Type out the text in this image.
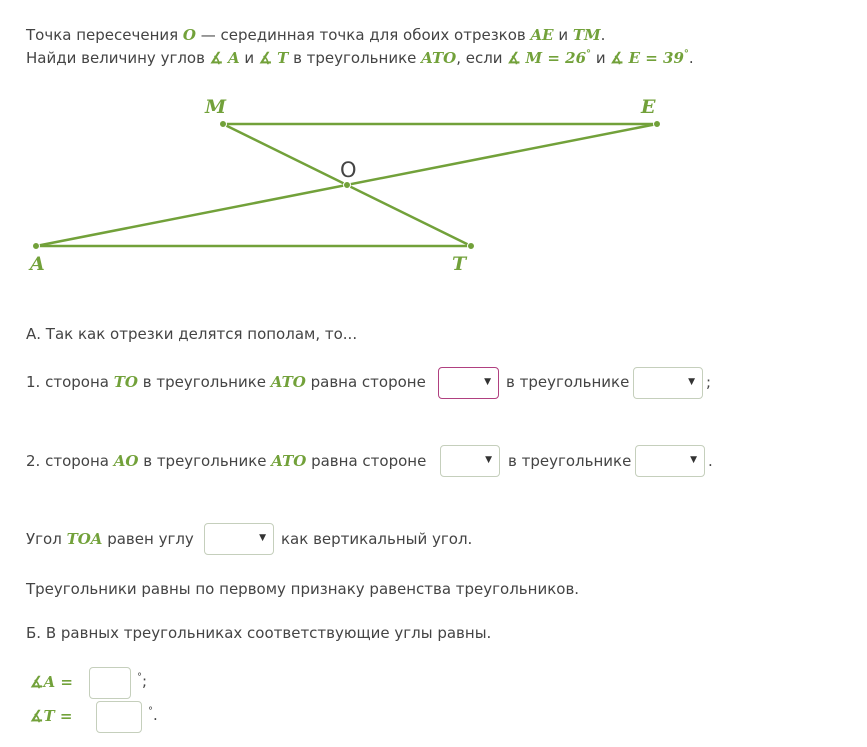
Точка пересечения O — серединная точка для обоих отрезков AE и TM.
Найди величину углов ∡ A и ∡ T в треугольнике ATO, если ∡ M = 26° и ∡ E = 39°.
M	E
O
A	T
А. Так как отрезки делятся пополам, то...
1. сторона TO в треугольнике ATO равна стороне	▼ в треугольнике	▼ ;
2. сторона AO в треугольнике ATO равна стороне	▼ в треугольнике	▼ .
Угол TOA равен углу	▼ как вертикальный угол.
Треугольники равны по первому признаку равенства треугольников.
Б. В равных треугольниках соответствующие углы равны.
∡A =	°;
∡T =	°.
